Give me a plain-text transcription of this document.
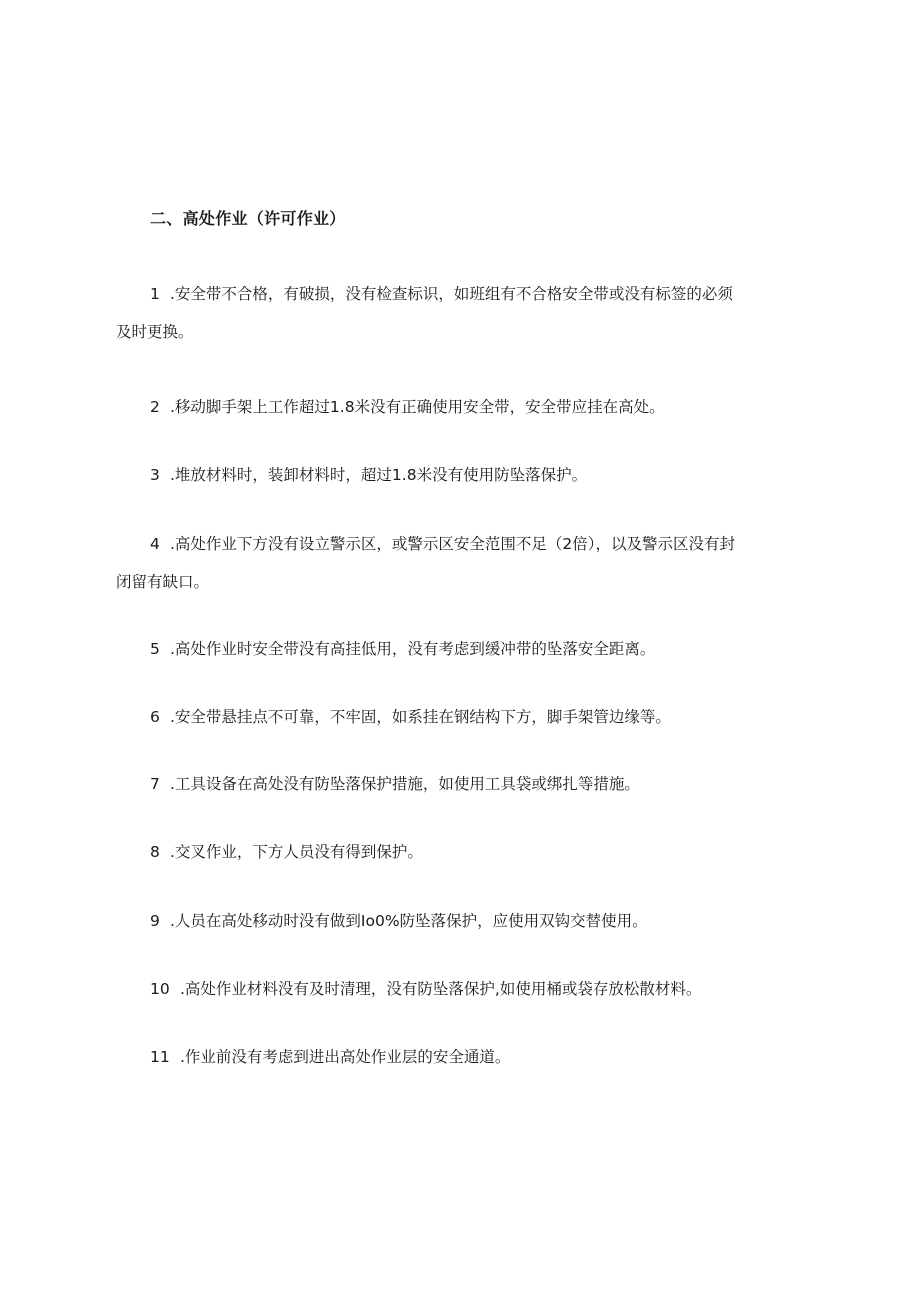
二、高处作业（许可作业）
1 .安全带不合格，有破损，没有检查标识，如班组有不合格安全带或没有标签的必须
及时更换。
2 .移动脚手架上工作超过1.8米没有正确使用安全带，安全带应挂在高处。
3 .堆放材料时，装卸材料时，超过1.8米没有使用防坠落保护。
4 .高处作业下方没有设立警示区，或警示区安全范围不足（2倍），以及警示区没有封
闭留有缺口。
5 .高处作业时安全带没有高挂低用，没有考虑到缓冲带的坠落安全距离。
6 .安全带悬挂点不可靠，不牢固，如系挂在钢结构下方，脚手架管边缘等。
7 .工具设备在高处没有防坠落保护措施，如使用工具袋或绑扎等措施。
8 .交叉作业，下方人员没有得到保护。
9 .人员在高处移动时没有做到Io0%防坠落保护，应使用双钩交替使用。
10 .高处作业材料没有及时清理，没有防坠落保护,如使用桶或袋存放松散材料。
11 .作业前没有考虑到进出高处作业层的安全通道。
